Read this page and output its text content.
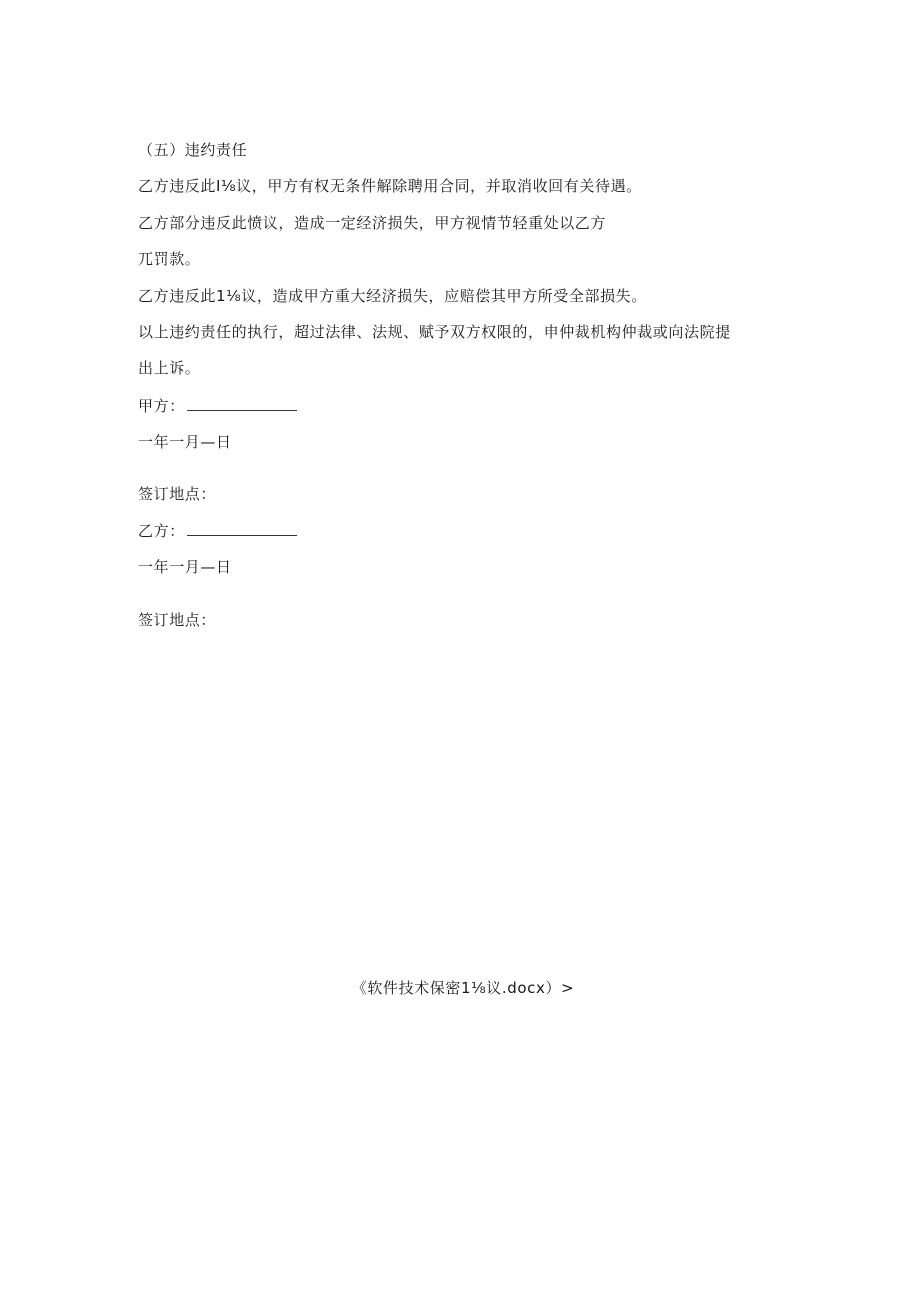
（五）违约责任
乙方违反此I⅛议，甲方有权无条件解除聘用合同，并取消收回有关待遇。
乙方部分违反此愤议，造成一定经济损失，甲方视情节轻重处以乙方
兀罚款。
乙方违反此1⅛议，造成甲方重大经济损失，应赔偿其甲方所受全部损失。
以上违约责任的执行，超过法律、法规、赋予双方权限的，申仲裁机构仲裁或向法院提
出上诉。
甲方：
一年一月—日
签订地点：
乙方：
一年一月—日
签订地点：
《软件技术保密1⅛议.docx）>
